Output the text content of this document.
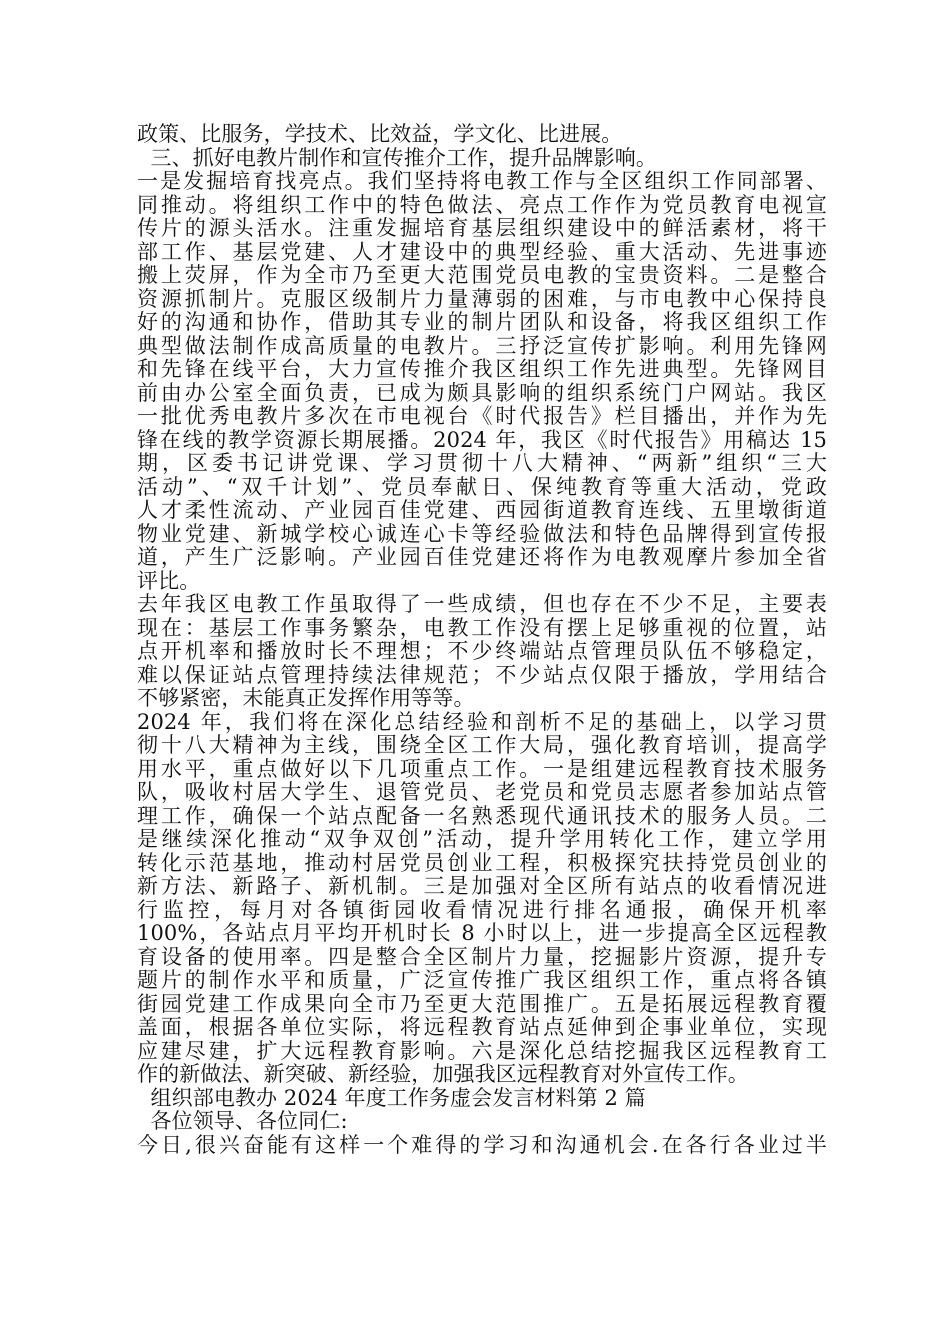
政策、比服务，学技术、比效益，学文化、比进展。
三、抓好电教片制作和宣传推介工作，提升品牌影响。
一是发掘培育找亮点。我们坚持将电教工作与全区组织工作同部署、
同推动。将组织工作中的特色做法、亮点工作作为党员教育电视宣
传片的源头活水。注重发掘培育基层组织建设中的鲜活素材，将干
部工作、基层党建、人才建设中的典型经验、重大活动、先进事迹
搬上荧屏，作为全市乃至更大范围党员电教的宝贵资料。二是整合
资源抓制片。克服区级制片力量薄弱的困难，与市电教中心保持良
好的沟通和协作，借助其专业的制片团队和设备，将我区组织工作
典型做法制作成高质量的电教片。三抒泛宣传扩影响。利用先锋网
和先锋在线平台，大力宣传推介我区组织工作先进典型。先锋网目
前由办公室全面负责，已成为颇具影响的组织系统门户网站。我区
一批优秀电教片多次在市电视台《时代报告》栏目播出，并作为先
锋在线的教学资源长期展播。2024 年，我区《时代报告》用稿达 15
期，区委书记讲党课、学习贯彻十八大精神、“两新”组织“三大
活动”、“双千计划”、党员奉献日、保纯教育等重大活动，党政
人才柔性流动、产业园百佳党建、西园街道教育连线、五里墩街道
物业党建、新城学校心诚连心卡等经验做法和特色品牌得到宣传报
道，产生广泛影响。产业园百佳党建还将作为电教观摩片参加全省
评比。
去年我区电教工作虽取得了一些成绩，但也存在不少不足，主要表
现在：基层工作事务繁杂，电教工作没有摆上足够重视的位置，站
点开机率和播放时长不理想；不少终端站点管理员队伍不够稳定，
难以保证站点管理持续法律规范；不少站点仅限于播放，学用结合
不够紧密，未能真正发挥作用等等。
2024 年，我们将在深化总结经验和剖析不足的基础上，以学习贯
彻十八大精神为主线，围绕全区工作大局，强化教育培训，提高学
用水平，重点做好以下几项重点工作。一是组建远程教育技术服务
队，吸收村居大学生、退管党员、老党员和党员志愿者参加站点管
理工作，确保一个站点配备一名熟悉现代通讯技术的服务人员。二
是继续深化推动“双争双创”活动，提升学用转化工作，建立学用
转化示范基地，推动村居党员创业工程，积极探究扶持党员创业的
新方法、新路子、新机制。三是加强对全区所有站点的收看情况进
行监控，每月对各镇街园收看情况进行排名通报，确保开机率
100%，各站点月平均开机时长 8 小时以上，进一步提高全区远程教
育设备的使用率。四是整合全区制片力量，挖掘影片资源，提升专
题片的制作水平和质量，广泛宣传推广我区组织工作，重点将各镇
街园党建工作成果向全市乃至更大范围推广。五是拓展远程教育覆
盖面，根据各单位实际，将远程教育站点延伸到企事业单位，实现
应建尽建，扩大远程教育影响。六是深化总结挖掘我区远程教育工
作的新做法、新突破、新经验，加强我区远程教育对外宣传工作。
组织部电教办 2024 年度工作务虚会发言材料第 2 篇
各位领导、各位同仁:
今日,很兴奋能有这样一个难得的学习和沟通机会.在各行各业过半
